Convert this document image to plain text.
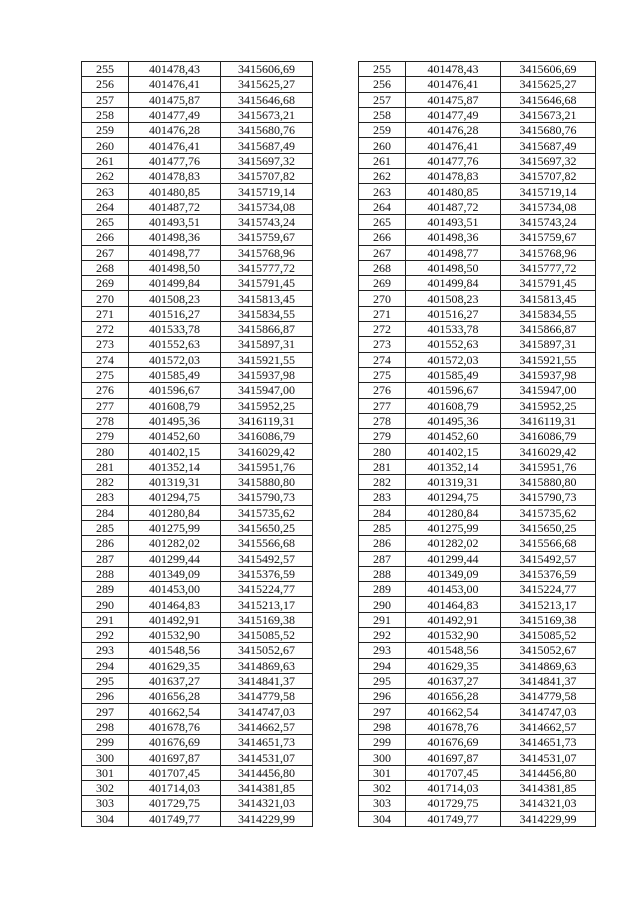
255	401478,43	3415606,69
256	401476,41	3415625,27
257	401475,87	3415646,68
258	401477,49	3415673,21
259	401476,28	3415680,76
260	401476,41	3415687,49
261	401477,76	3415697,32
262	401478,83	3415707,82
263	401480,85	3415719,14
264	401487,72	3415734,08
265	401493,51	3415743,24
266	401498,36	3415759,67
267	401498,77	3415768,96
268	401498,50	3415777,72
269	401499,84	3415791,45
270	401508,23	3415813,45
271	401516,27	3415834,55
272	401533,78	3415866,87
273	401552,63	3415897,31
274	401572,03	3415921,55
275	401585,49	3415937,98
276	401596,67	3415947,00
277	401608,79	3415952,25
278	401495,36	3416119,31
279	401452,60	3416086,79
280	401402,15	3416029,42
281	401352,14	3415951,76
282	401319,31	3415880,80
283	401294,75	3415790,73
284	401280,84	3415735,62
285	401275,99	3415650,25
286	401282,02	3415566,68
287	401299,44	3415492,57
288	401349,09	3415376,59
289	401453,00	3415224,77
290	401464,83	3415213,17
291	401492,91	3415169,38
292	401532,90	3415085,52
293	401548,56	3415052,67
294	401629,35	3414869,63
295	401637,27	3414841,37
296	401656,28	3414779,58
297	401662,54	3414747,03
298	401678,76	3414662,57
299	401676,69	3414651,73
300	401697,87	3414531,07
301	401707,45	3414456,80
302	401714,03	3414381,85
303	401729,75	3414321,03
304	401749,77	3414229,99
255	401478,43	3415606,69
256	401476,41	3415625,27
257	401475,87	3415646,68
258	401477,49	3415673,21
259	401476,28	3415680,76
260	401476,41	3415687,49
261	401477,76	3415697,32
262	401478,83	3415707,82
263	401480,85	3415719,14
264	401487,72	3415734,08
265	401493,51	3415743,24
266	401498,36	3415759,67
267	401498,77	3415768,96
268	401498,50	3415777,72
269	401499,84	3415791,45
270	401508,23	3415813,45
271	401516,27	3415834,55
272	401533,78	3415866,87
273	401552,63	3415897,31
274	401572,03	3415921,55
275	401585,49	3415937,98
276	401596,67	3415947,00
277	401608,79	3415952,25
278	401495,36	3416119,31
279	401452,60	3416086,79
280	401402,15	3416029,42
281	401352,14	3415951,76
282	401319,31	3415880,80
283	401294,75	3415790,73
284	401280,84	3415735,62
285	401275,99	3415650,25
286	401282,02	3415566,68
287	401299,44	3415492,57
288	401349,09	3415376,59
289	401453,00	3415224,77
290	401464,83	3415213,17
291	401492,91	3415169,38
292	401532,90	3415085,52
293	401548,56	3415052,67
294	401629,35	3414869,63
295	401637,27	3414841,37
296	401656,28	3414779,58
297	401662,54	3414747,03
298	401678,76	3414662,57
299	401676,69	3414651,73
300	401697,87	3414531,07
301	401707,45	3414456,80
302	401714,03	3414381,85
303	401729,75	3414321,03
304	401749,77	3414229,99
